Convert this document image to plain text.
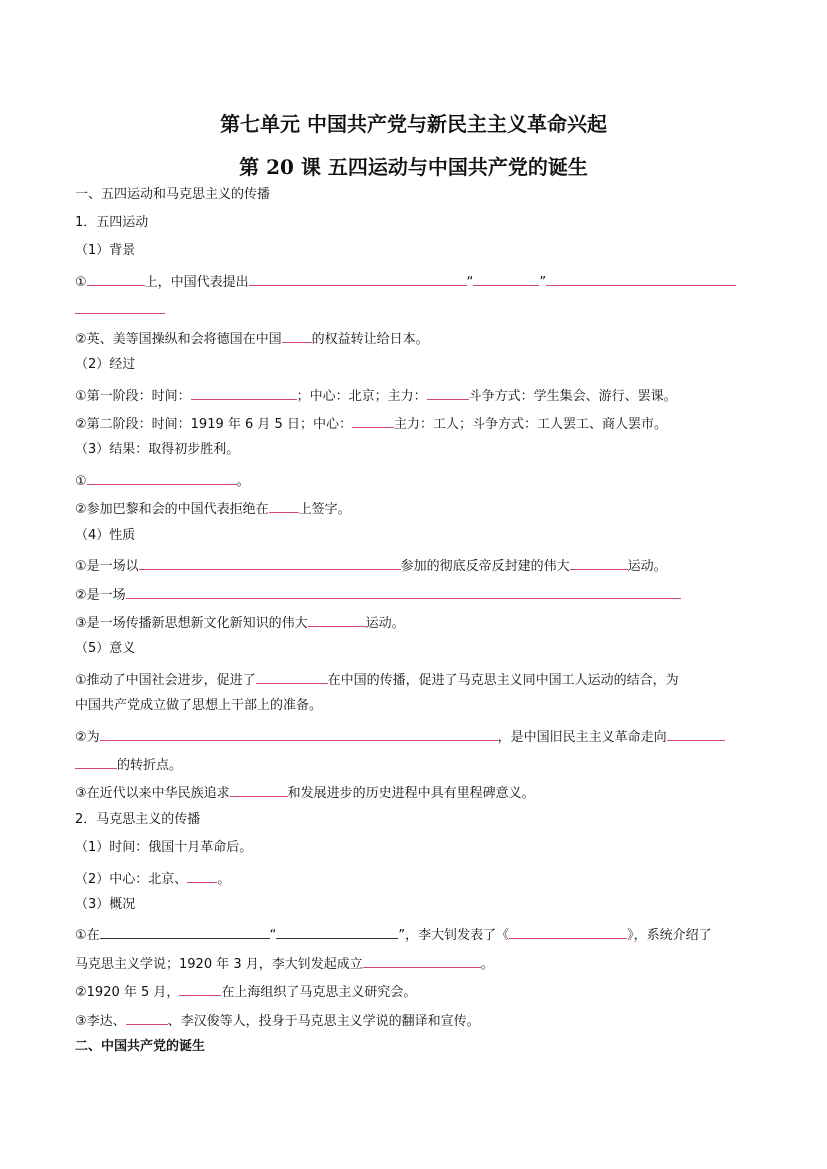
第七单元 中国共产党与新民主主义革命兴起
第 20 课 五四运动与中国共产党的诞生
一、五四运动和马克思主义的传播
1．五四运动
（1）背景
①	上，中国代表提出	“	”
②英、美等国操纵和会将德国在中国 的权益转让给日本。
（2）经过
①第一阶段：时间：	；中心：北京；主力：	斗争方式：学生集会、游行、罢课。
②第二阶段：时间：1919 年 6 月 5 日；中心：	主力：工人；斗争方式：工人罢工、商人罢市。
（3）结果：取得初步胜利。
①	。
②参加巴黎和会的中国代表拒绝在 上签字。
（4）性质
①是一场以	参加的彻底反帝反封建的伟大	运动。
②是一场
③是一场传播新思想新文化新知识的伟大	运动。
（5）意义
①推动了中国社会进步，促进了	在中国的传播，促进了马克思主义同中国工人运动的结合，为
中国共产党成立做了思想上干部上的准备。
②为	，是中国旧民主主义革命走向
的转折点。
③在近代以来中华民族追求	和发展进步的历史进程中具有里程碑意义。
2．马克思主义的传播
（1）时间：俄国十月革命后。
（2）中心：北京、 。
（3）概况
①在	“	”，李大钊发表了《	》，系统介绍了
马克思主义学说；1920 年 3 月，李大钊发起成立	。
②1920 年 5 月，	在上海组织了马克思主义研究会。
③李达、	、李汉俊等人，投身于马克思主义学说的翻译和宣传。
二、中国共产党的诞生
